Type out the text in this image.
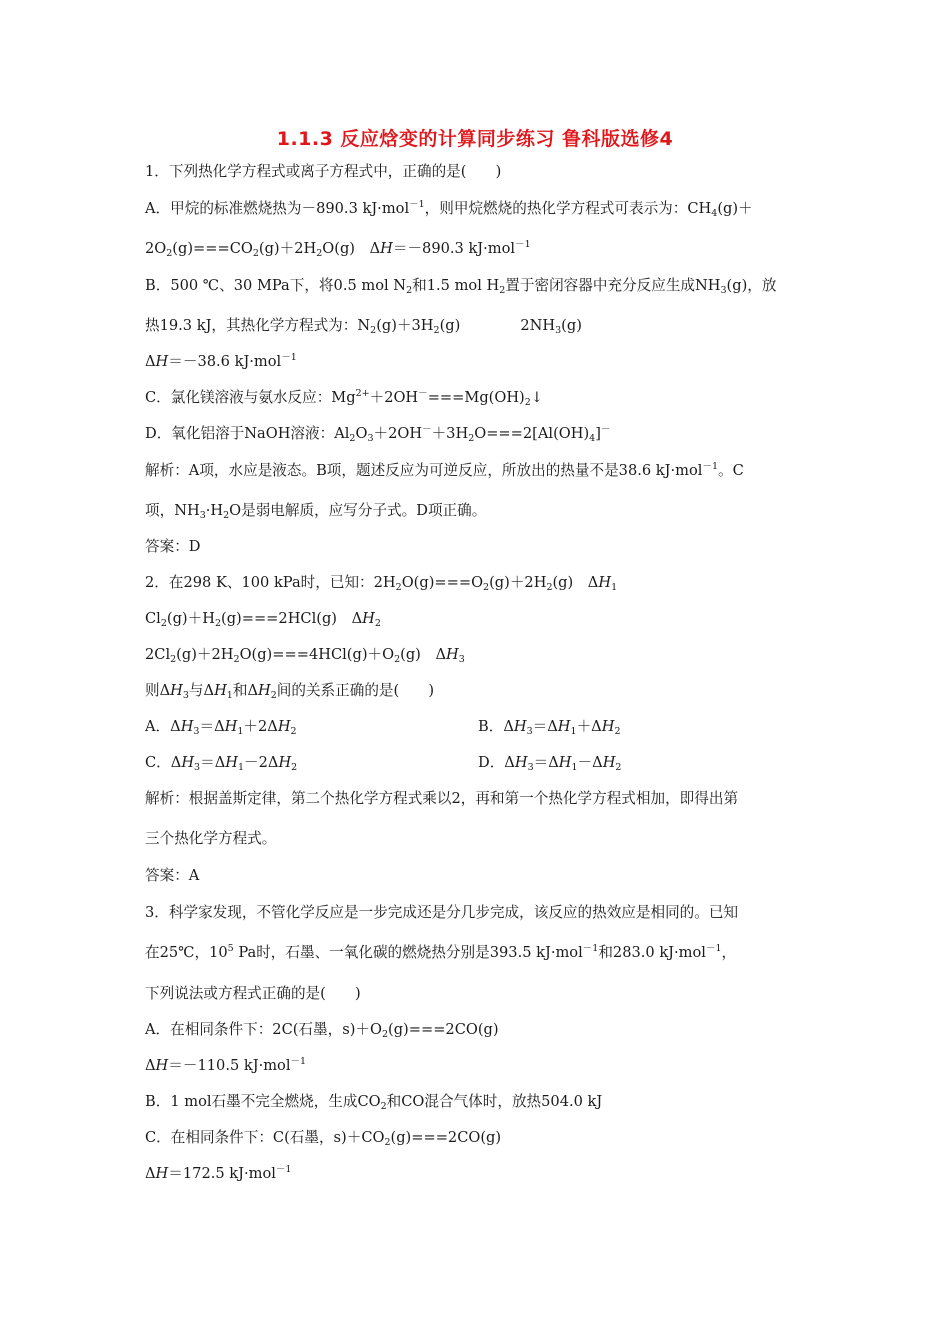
1.1.3 反应焓变的计算同步练习 鲁科版选修4
1．下列热化学方程式或离子方程式中，正确的是(　　)
A．甲烷的标准燃烧热为－890.3 kJ·mol$^{-1}$，则甲烷燃烧的热化学方程式可表示为：$CH_4(g)+$
$2O_2(g)===CO_2(g)+2H_2O(g)$　ΔH＝－890.3 kJ·mol$^{-1}$
B．500 ℃、30 MPa下，将0.5 mol $N_2$和1.5 mol $H_2$置于密闭容器中充分反应生成$NH_3(g)$，放
热19.3 kJ，其热化学方程式为：$N_2(g)+3H_2(g)$	$2NH_3(g)$
ΔH＝－38.6 kJ·mol$^{-1}$
C．氯化镁溶液与氨水反应：$Mg^{2+}+2OH^-===Mg(OH)_2↓$
D．氧化铝溶于NaOH溶液：$Al_2O_3+2OH^-+3H_2O===2[Al(OH)_4]^-$
解析：A项，水应是液态。B项，题述反应为可逆反应，所放出的热量不是38.6 kJ·mol$^{-1}$。C
项，$NH_3\cdot H_2O$是弱电解质，应写分子式。D项正确。
答案：D
2．在298 K、100 kPa时，已知：$2H_2O(g)===O_2(g)+2H_2(g)$　$\Delta H_1$
$Cl_2(g)+H_2(g)===2HCl(g)$　$\Delta H_2$
$2Cl_2(g)+2H_2O(g)===4HCl(g)+O_2(g)$　$\Delta H_3$
则$\Delta H_3$与$\Delta H_1$和$\Delta H_2$间的关系正确的是(　　)
A．$\Delta H_3=\Delta H_1+2\Delta H_2$	B．$\Delta H_3=\Delta H_1+\Delta H_2$
C．$\Delta H_3=\Delta H_1-2\Delta H_2$	D．$\Delta H_3=\Delta H_1-\Delta H_2$
解析：根据盖斯定律，第二个热化学方程式乘以2，再和第一个热化学方程式相加，即得出第
三个热化学方程式。
答案：A
3．科学家发现，不管化学反应是一步完成还是分几步完成，该反应的热效应是相同的。已知
在25℃，$10^5$ Pa时，石墨、一氧化碳的燃烧热分别是393.5 kJ·mol$^{-1}$和283.0 kJ·mol$^{-1}$，
下列说法或方程式正确的是(　　)
A．在相同条件下：2C(石墨，$s)+O_2(g)===2CO(g)$
ΔH＝－110.5 kJ·mol$^{-1}$
B．1 mol石墨不完全燃烧，生成$CO_2$和CO混合气体时，放热504.0 kJ
C．在相同条件下：C(石墨，$s)+CO_2(g)===2CO(g)$
ΔH＝172.5 kJ·mol$^{-1}$
